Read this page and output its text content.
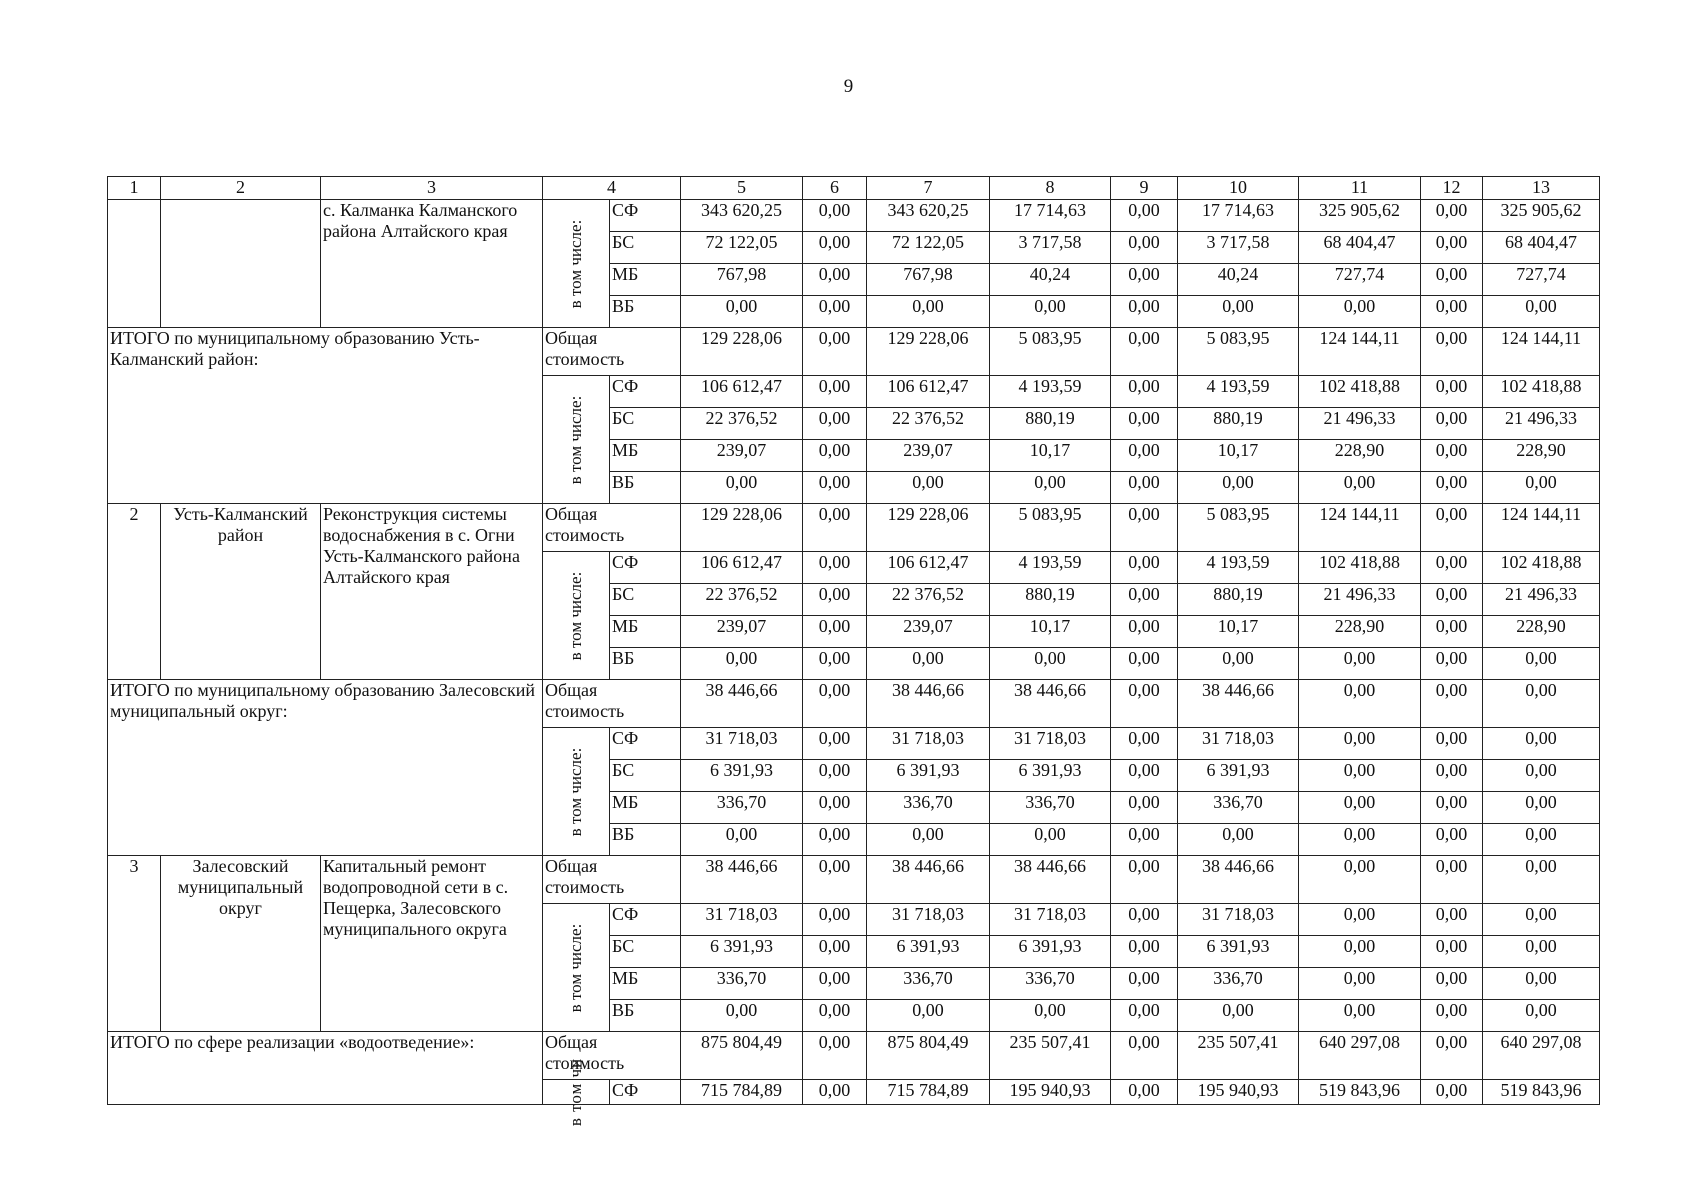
9
1	2	3	4		5	6	7	8	9	10	11	12	13
		с. Калманка Калманского района Алтайского края	в том числе:	СФ	343 620,25	0,00	343 620,25	17 714,63	0,00	17 714,63	325 905,62	0,00	325 905,62
				БС	72 122,05	0,00	72 122,05	3 717,58	0,00	3 717,58	68 404,47	0,00	68 404,47
				МБ	767,98	0,00	767,98	40,24	0,00	40,24	727,74	0,00	727,74
				ВБ	0,00	0,00	0,00	0,00	0,00	0,00	0,00	0,00	0,00
ИТОГО по муниципальному образованию Усть-Калманский район:			Общая стоимость		129 228,06	0,00	129 228,06	5 083,95	0,00	5 083,95	124 144,11	0,00	124 144,11

			в том числе:	СФ	106 612,47	0,00	106 612,47	4 193,59	0,00	4 193,59	102 418,88	0,00	102 418,88
				БС	22 376,52	0,00	22 376,52	880,19	0,00	880,19	21 496,33	0,00	21 496,33
				МБ	239,07	0,00	239,07	10,17	0,00	10,17	228,90	0,00	228,90
				ВБ	0,00	0,00	0,00	0,00	0,00	0,00	0,00	0,00	0,00
2	Усть-Калманский район	Реконструкция системы водоснабжения в с. Огни Усть-Калманского района Алтайского края	Общая стоимость		129 228,06	0,00	129 228,06	5 083,95	0,00	5 083,95	124 144,11	0,00	124 144,11

			в том числе:	СФ	106 612,47	0,00	106 612,47	4 193,59	0,00	4 193,59	102 418,88	0,00	102 418,88
				БС	22 376,52	0,00	22 376,52	880,19	0,00	880,19	21 496,33	0,00	21 496,33
				МБ	239,07	0,00	239,07	10,17	0,00	10,17	228,90	0,00	228,90
				ВБ	0,00	0,00	0,00	0,00	0,00	0,00	0,00	0,00	0,00
ИТОГО по муниципальному образованию Залесовский муниципальный округ:			Общая стоимость		38 446,66	0,00	38 446,66	38 446,66	0,00	38 446,66	0,00	0,00	0,00

			в том числе:	СФ	31 718,03	0,00	31 718,03	31 718,03	0,00	31 718,03	0,00	0,00	0,00
				БС	6 391,93	0,00	6 391,93	6 391,93	0,00	6 391,93	0,00	0,00	0,00
				МБ	336,70	0,00	336,70	336,70	0,00	336,70	0,00	0,00	0,00
				ВБ	0,00	0,00	0,00	0,00	0,00	0,00	0,00	0,00	0,00
3	Залесовский муниципальный округ	Капитальный ремонт водопроводной сети в с. Пещерка, Залесовского муниципального округа	Общая стоимость		38 446,66	0,00	38 446,66	38 446,66	0,00	38 446,66	0,00	0,00	0,00

			в том числе:	СФ	31 718,03	0,00	31 718,03	31 718,03	0,00	31 718,03	0,00	0,00	0,00
				БС	6 391,93	0,00	6 391,93	6 391,93	0,00	6 391,93	0,00	0,00	0,00
				МБ	336,70	0,00	336,70	336,70	0,00	336,70	0,00	0,00	0,00
				ВБ	0,00	0,00	0,00	0,00	0,00	0,00	0,00	0,00	0,00
ИТОГО по сфере реализации «водоотведение»:			Общая стоимость		875 804,49	0,00	875 804,49	235 507,41	0,00	235 507,41	640 297,08	0,00	640 297,08

			в том чи	СФ	715 784,89	0,00	715 784,89	195 940,93	0,00	195 940,93	519 843,96	0,00	519 843,96
